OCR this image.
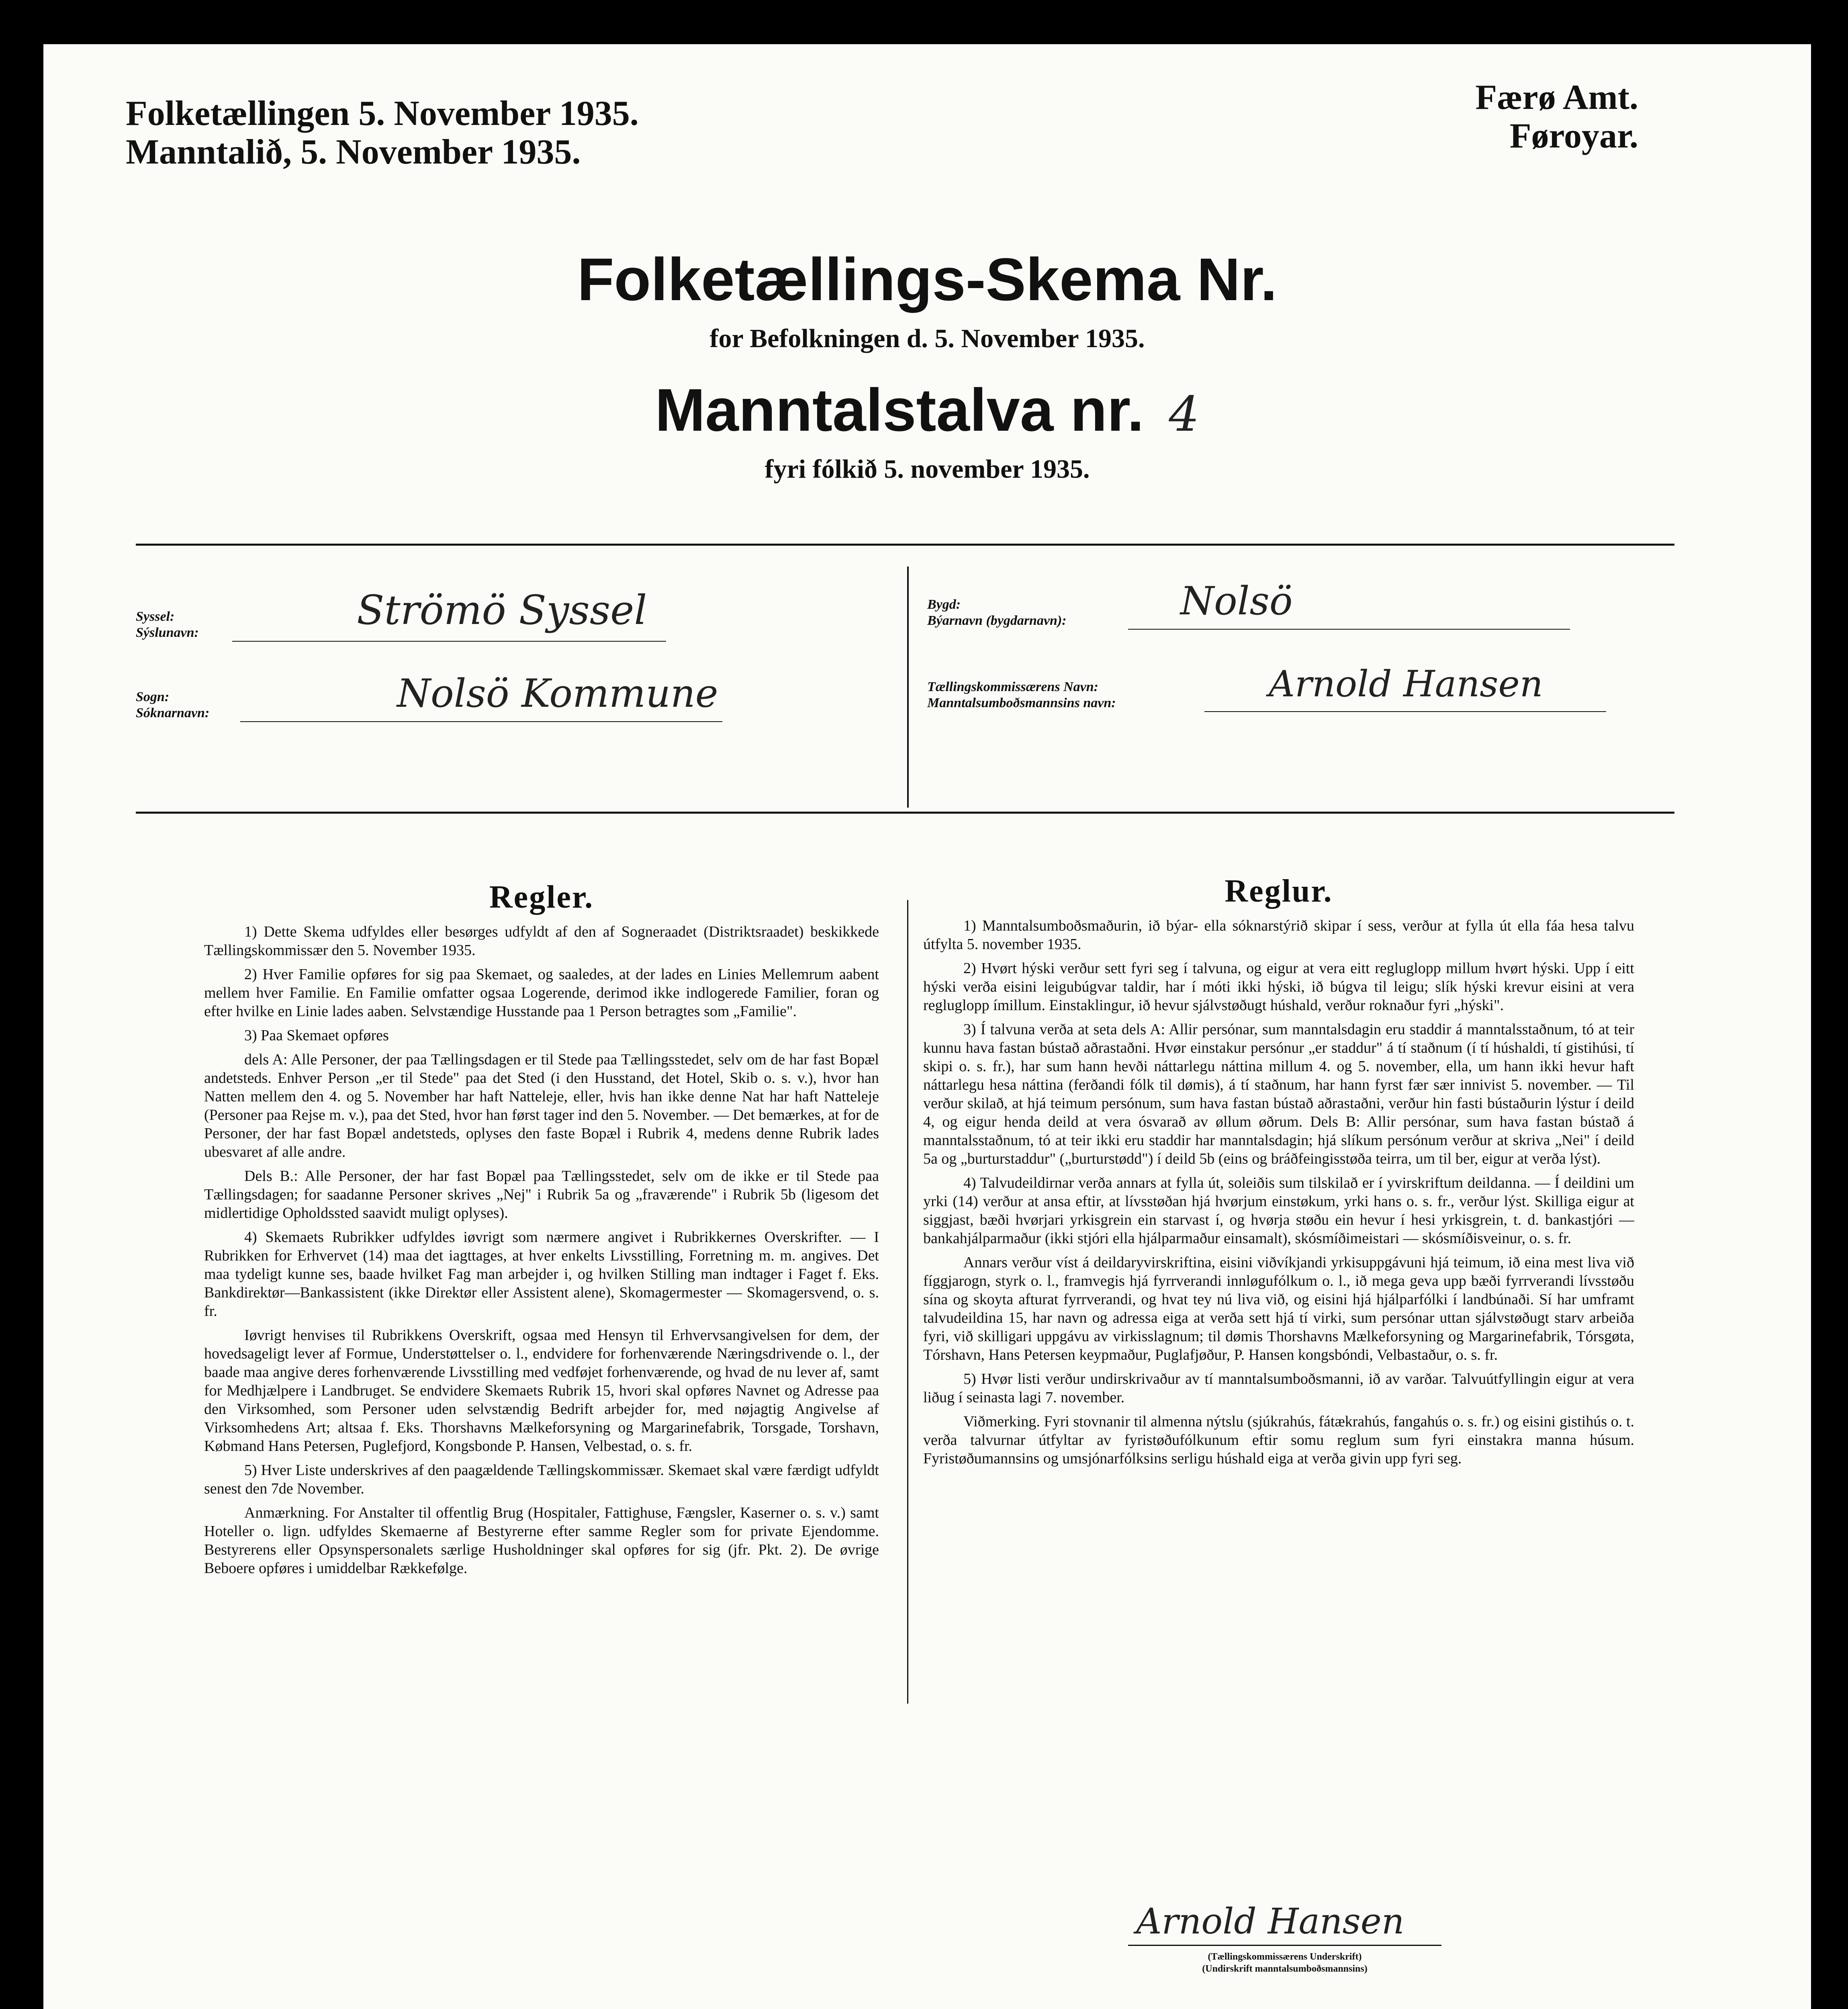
Folketællingen 5. November 1935.
Manntalið, 5. November 1935.
Færø Amt.
Føroyar.
Folketællings-Skema Nr.
for Befolkningen d. 5. November 1935.
Manntalstalva nr. 4
fyri fólkið 5. november 1935.
Syssel:
Sýslunavn:	Strömö Syssel
Sogn:
Sóknarnavn:	Nolsö Kommune
Bygd:
Býarnavn (bygdarnavn):	Nolsö
Tællingskommissærens Navn:
Manntalsumboðsmannsins navn:	Arnold Hansen
Regler.

1) Dette Skema udfyldes eller besørges udfyldt af den af Sogneraadet (Distriktsraadet) beskikkede Tællingskommissær den 5. November 1935.

2) Hver Familie opføres for sig paa Skemaet, og saaledes, at der lades en Linies Mellemrum aabent mellem hver Familie. En Familie omfatter ogsaa Logerende, derimod ikke indlogerede Familier, foran og efter hvilke en Linie lades aaben. Selvstændige Husstande paa 1 Person betragtes som „Familie".

3) Paa Skemaet opføres

dels A: Alle Personer, der paa Tællingsdagen er til Stede paa Tællingsstedet, selv om de har fast Bopæl andetsteds. Enhver Person „er til Stede" paa det Sted (i den Husstand, det Hotel, Skib o. s. v.), hvor han Natten mellem den 4. og 5. November har haft Natteleje, eller, hvis han ikke denne Nat har haft Natteleje (Personer paa Rejse m. v.), paa det Sted, hvor han først tager ind den 5. November. — Det bemærkes, at for de Personer, der har fast Bopæl andetsteds, oplyses den faste Bopæl i Rubrik 4, medens denne Rubrik lades ubesvaret af alle andre.

Dels B.: Alle Personer, der har fast Bopæl paa Tællingsstedet, selv om de ikke er til Stede paa Tællingsdagen; for saadanne Personer skrives „Nej" i Rubrik 5a og „fraværende" i Rubrik 5b (ligesom det midlertidige Opholdssted saavidt muligt oplyses).

4) Skemaets Rubrikker udfyldes iøvrigt som nærmere angivet i Rubrikkernes Overskrifter. — I Rubrikken for Erhvervet (14) maa det iagttages, at hver enkelts Livsstilling, Forretning m. m. angives. Det maa tydeligt kunne ses, baade hvilket Fag man arbejder i, og hvilken Stilling man indtager i Faget f. Eks. Bankdirektør—Bankassistent (ikke Direktør eller Assistent alene), Skomagermester — Skomagersvend, o. s. fr.

Iøvrigt henvises til Rubrikkens Overskrift, ogsaa med Hensyn til Erhvervsangivelsen for dem, der hovedsageligt lever af Formue, Understøttelser o. l., endvidere for forhenværende Næringsdrivende o. l., der baade maa angive deres forhenværende Livsstilling med vedføjet forhenværende, og hvad de nu lever af, samt for Medhjælpere i Landbruget. Se endvidere Skemaets Rubrik 15, hvori skal opføres Navnet og Adresse paa den Virksomhed, som Personer uden selvstændig Bedrift arbejder for, med nøjagtig Angivelse af Virksomhedens Art; altsaa f. Eks. Thorshavns Mælkeforsyning og Margarinefabrik, Torsgade, Torshavn, Købmand Hans Petersen, Puglefjord, Kongsbonde P. Hansen, Velbestad, o. s. fr.

5) Hver Liste underskrives af den paagældende Tællingskommissær. Skemaet skal være færdigt udfyldt senest den 7de November.

Anmærkning. For Anstalter til offentlig Brug (Hospitaler, Fattighuse, Fængsler, Kaserner o. s. v.) samt Hoteller o. lign. udfyldes Skemaerne af Bestyrerne efter samme Regler som for private Ejendomme. Bestyrerens eller Opsynspersonalets særlige Husholdninger skal opføres for sig (jfr. Pkt. 2). De øvrige Beboere opføres i umiddelbar Rækkefølge.

Reglur.

1) Manntalsumboðsmaðurin, ið býar- ella sóknarstýrið skipar í sess, verður at fylla út ella fáa hesa talvu útfylta 5. november 1935.

2) Hvørt hýski verður sett fyri seg í talvuna, og eigur at vera eitt regluglopp millum hvørt hýski. Upp í eitt hýski verða eisini leigubúgvar taldir, har í móti ikki hýski, ið búgva til leigu; slík hýski krevur eisini at vera regluglopp ímillum. Einstaklingur, ið hevur sjálvstøðugt húshald, verður roknaður fyri „hýski".

3) Í talvuna verða at seta dels A: Allir persónar, sum manntalsdagin eru staddir á manntalsstaðnum, tó at teir kunnu hava fastan bústað aðrastaðni. Hvør einstakur persónur „er staddur" á tí staðnum (í tí húshaldi, tí gistihúsi, tí skipi o. s. fr.), har sum hann hevði náttarlegu náttina millum 4. og 5. november, ella, um hann ikki hevur haft náttarlegu hesa náttina (ferðandi fólk til dømis), á tí staðnum, har hann fyrst fær sær innivist 5. november. — Til verður skilað, at hjá teimum persónum, sum hava fastan bústað aðrastaðni, verður hin fasti bústaðurin lýstur í deild 4, og eigur henda deild at vera ósvarað av øllum øðrum. Dels B: Allir persónar, sum hava fastan bústað á manntalsstaðnum, tó at teir ikki eru staddir har manntalsdagin; hjá slíkum persónum verður at skriva „Nei" í deild 5a og „burturstaddur" („burturstødd") í deild 5b (eins og bráðfeingisstøða teirra, um til ber, eigur at verða lýst).

4) Talvudeildirnar verða annars at fylla út, soleiðis sum tilskilað er í yvirskriftum deildanna. — Í deildini um yrki (14) verður at ansa eftir, at lívsstøðan hjá hvørjum einstøkum, yrki hans o. s. fr., verður lýst. Skilliga eigur at siggjast, bæði hvørjari yrkisgrein ein starvast í, og hvørja støðu ein hevur í hesi yrkisgrein, t. d. bankastjóri — bankahjálparmaður (ikki stjóri ella hjálparmaður einsamalt), skósmíðimeistari — skósmíðisveinur, o. s. fr.

Annars verður víst á deildaryvirskriftina, eisini viðvíkjandi yrkisuppgávuni hjá teimum, ið eina mest liva við fíggjarogn, styrk o. l., framvegis hjá fyrrverandi innløgufólkum o. l., ið mega geva upp bæði fyrrverandi lívsstøðu sína og skoyta afturat fyrrverandi, og hvat tey nú liva við, og eisini hjá hjálparfólki í landbúnaði. Sí har umframt talvudeildina 15, har navn og adressa eiga at verða sett hjá tí virki, sum persónar uttan sjálvstøðugt starv arbeiða fyri, við skilligari uppgávu av virkisslagnum; til dømis Thorshavns Mælkeforsyning og Margarinefabrik, Tórsgøta, Tórshavn, Hans Petersen keypmaður, Puglafjøður, P. Hansen kongsbóndi, Velbastaður, o. s. fr.

5) Hvør listi verður undirskrivaður av tí manntalsumboðsmanni, ið av varðar. Talvuútfyllingin eigur at vera liðug í seinasta lagi 7. november.

Viðmerking. Fyri stovnanir til almenna nýtslu (sjúkrahús, fátækrahús, fangahús o. s. fr.) og eisini gistihús o. t. verða talvurnar útfyltar av fyristøðufólkunum eftir somu reglum sum fyri einstakra manna húsum. Fyristøðumannsins og umsjónarfólksins serligu húshald eiga at verða givin upp fyri seg.

Arnold Hansen
(Tællingskommissærens Underskrift)
(Undirskrift manntalsumboðsmannsins)
